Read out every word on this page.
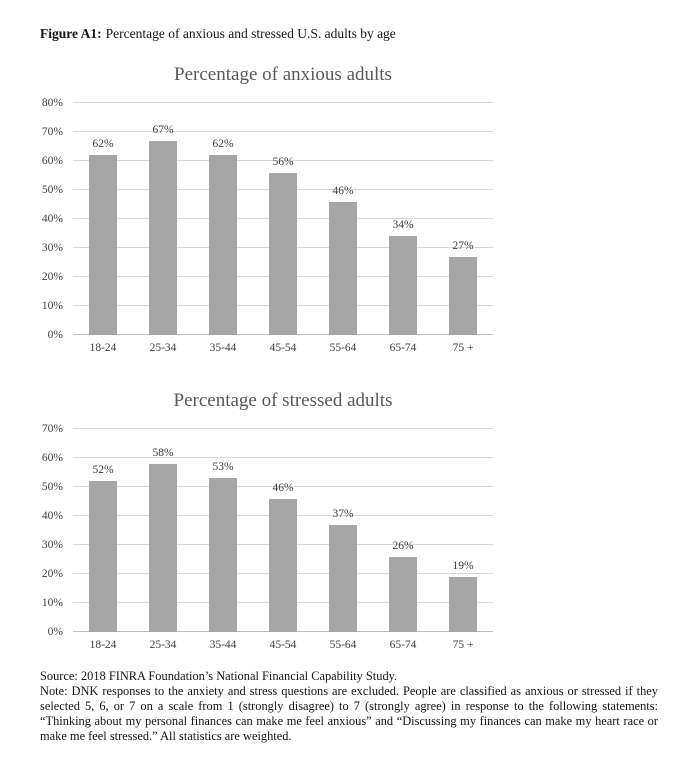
Figure A1: Percentage of anxious and stressed U.S. adults by age

Percentage of anxious adults
0%
10%
20%
30%
40%
50%
60%
70%
80%
62%
67%
62%
56%
46%
34%
27%
18-24	25-34	35-44	45-54	55-64	65-74	75 +
Percentage of stressed adults
0%
10%
20%
30%
40%
50%
60%
70%
52%
58%
53%
46%
37%
26%
19%
18-24	25-34	35-44	45-54	55-64	65-74	75 +

Source: 2018 FINRA Foundation’s National Financial Capability Study.

Note: DNK responses to the anxiety and stress questions are excluded. People are classified as anxious or stressed if they selected 5, 6, or 7 on a scale from 1 (strongly disagree) to 7 (strongly agree) in response to the following statements: “Thinking about my personal finances can make me feel anxious” and “Discussing my finances can make my heart race or make me feel stressed.” All statistics are weighted.
